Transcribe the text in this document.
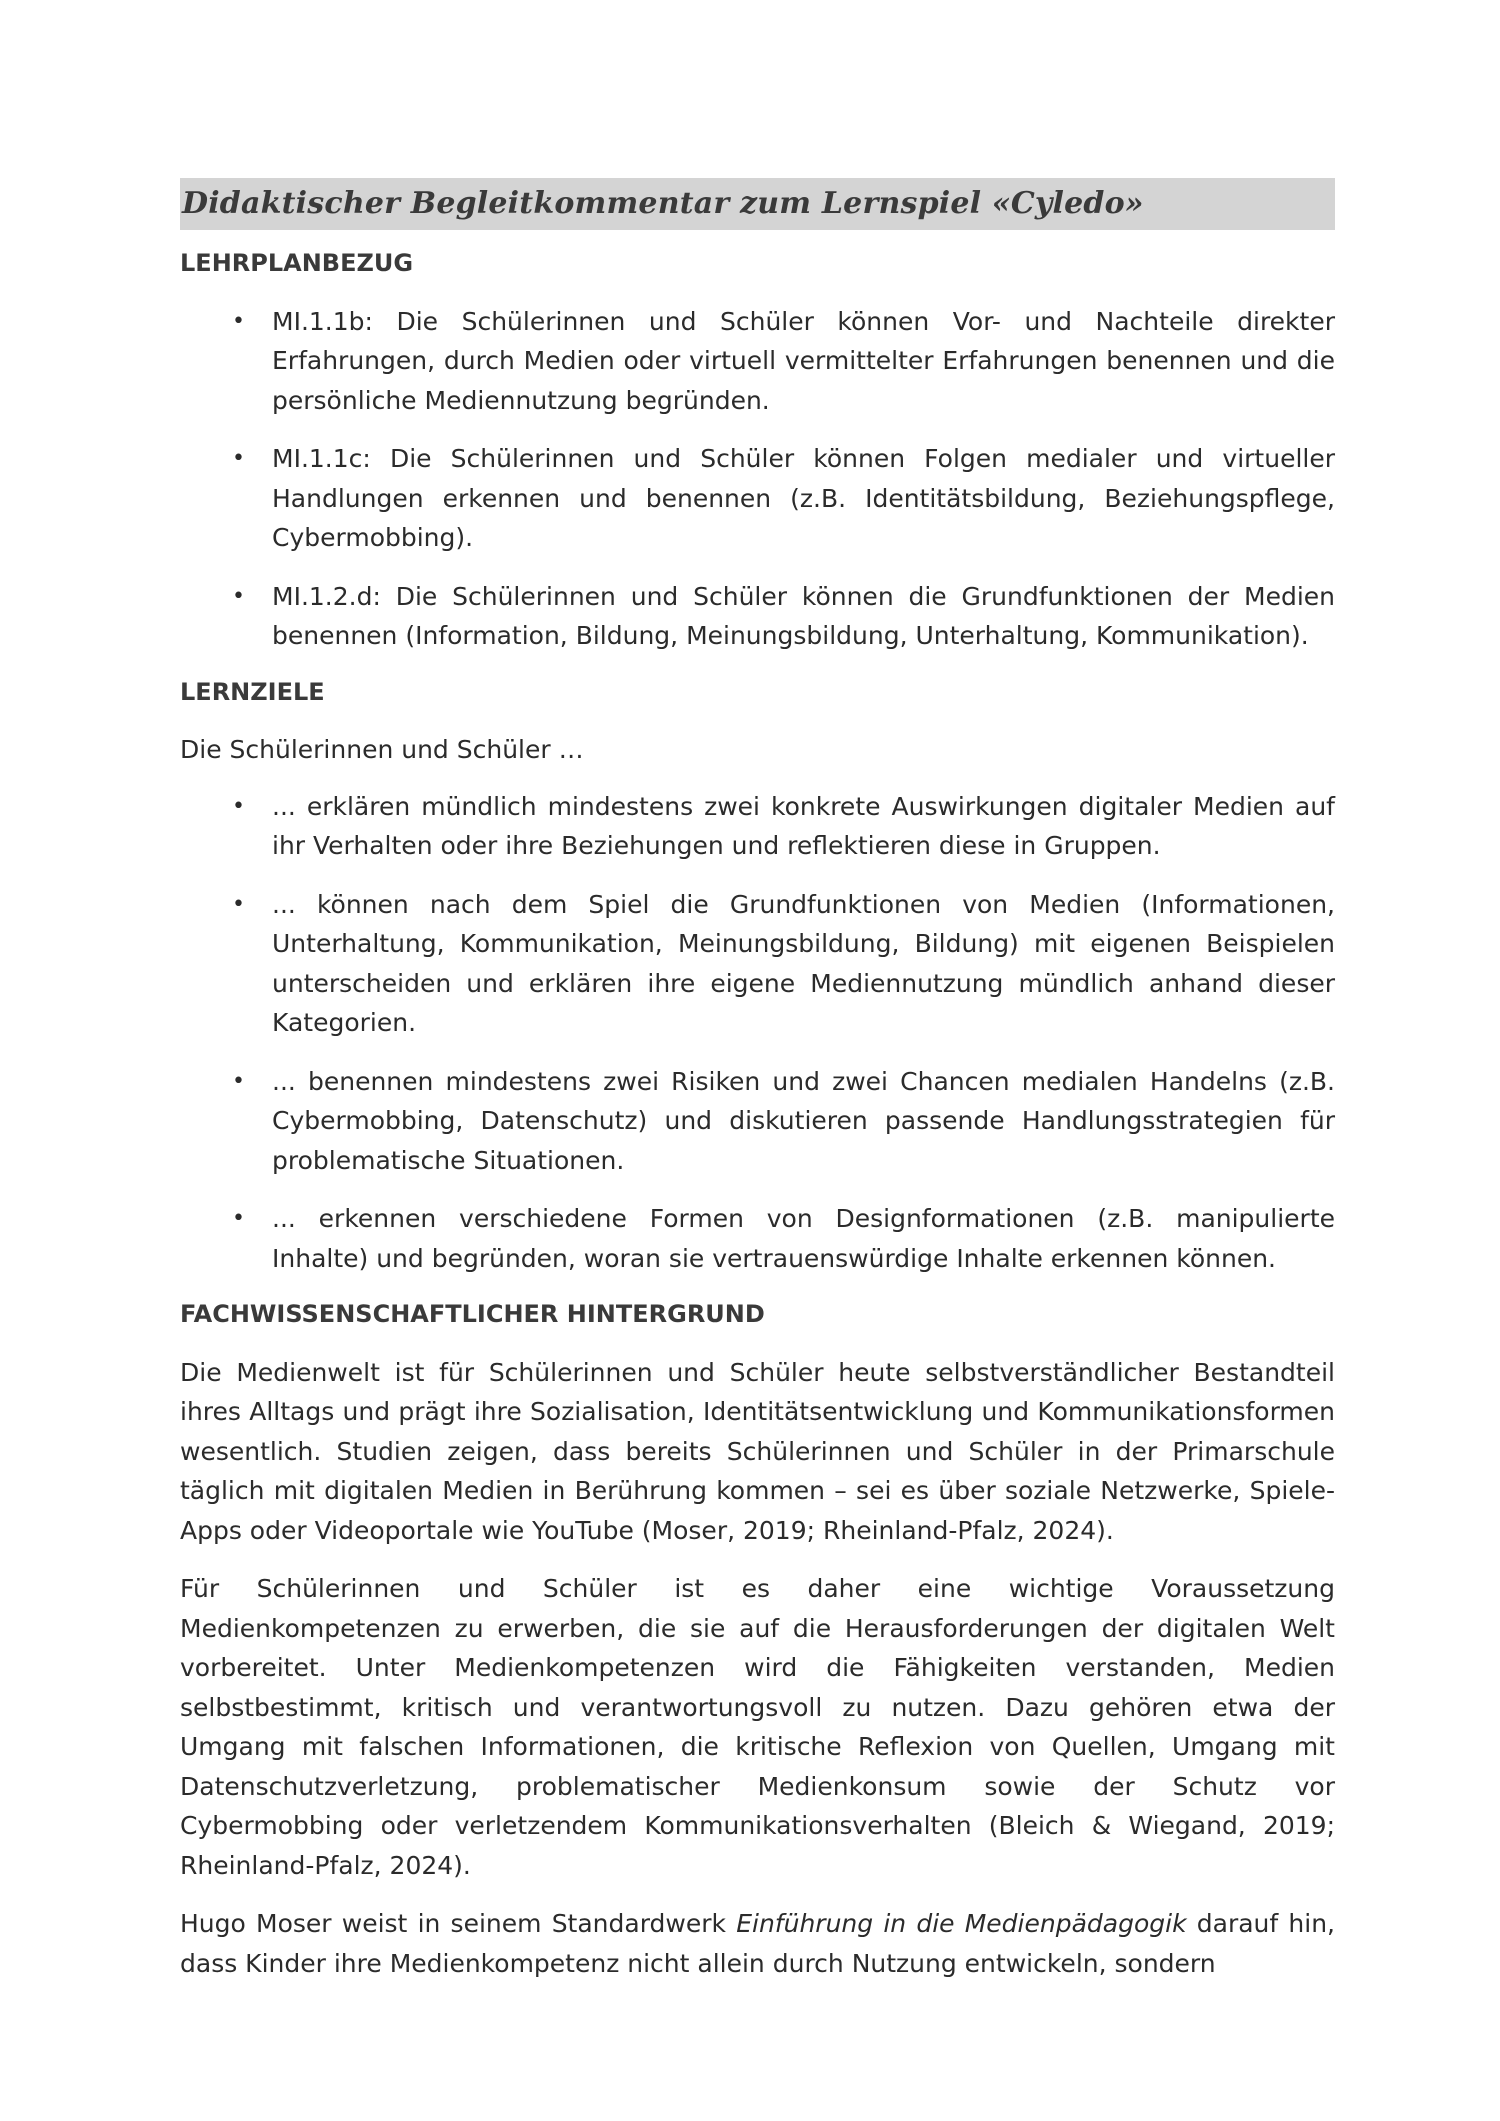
Didaktischer Begleitkommentar zum Lernspiel «Cyledo»
LEHRPLANBEZUG
• MI.1.1b: Die Schülerinnen und Schüler können Vor- und Nachteile direkter Erfahrungen, durch Medien oder virtuell vermittelter Erfahrungen benennen und die persönliche Mediennutzung begründen.
• MI.1.1c: Die Schülerinnen und Schüler können Folgen medialer und virtueller Handlungen erkennen und benennen (z.B. Identitätsbildung, Beziehungspflege, Cybermobbing).
• MI.1.2.d: Die Schülerinnen und Schüler können die Grundfunktionen der Medien benennen (Information, Bildung, Meinungsbildung, Unterhaltung, Kommunikation).
LERNZIELE

Die Schülerinnen und Schüler …

• ... erklären mündlich mindestens zwei konkrete Auswirkungen digitaler Medien auf ihr Verhalten oder ihre Beziehungen und reflektieren diese in Gruppen.
• ... können nach dem Spiel die Grundfunktionen von Medien (Informationen, Unterhaltung, Kommunikation, Meinungsbildung, Bildung) mit eigenen Beispielen unterscheiden und erklären ihre eigene Mediennutzung mündlich anhand dieser Kategorien.
• ... benennen mindestens zwei Risiken und zwei Chancen medialen Handelns (z.B. Cybermobbing, Datenschutz) und diskutieren passende Handlungsstrategien für problematische Situationen.
• ... erkennen verschiedene Formen von Designformationen (z.B. manipulierte Inhalte) und begründen, woran sie vertrauenswürdige Inhalte erkennen können.
FACHWISSENSCHAFTLICHER HINTERGRUND

Die Medienwelt ist für Schülerinnen und Schüler heute selbstverständlicher Bestandteil ihres Alltags und prägt ihre Sozialisation, Identitätsentwicklung und Kommunikationsformen wesentlich. Studien zeigen, dass bereits Schülerinnen und Schüler in der Primarschule täglich mit digitalen Medien in Berührung kommen – sei es über soziale Netzwerke, Spiele-Apps oder Videoportale wie YouTube (Moser, 2019; Rheinland-Pfalz, 2024).

Für Schülerinnen und Schüler ist es daher eine wichtige Voraussetzung Medienkompetenzen zu erwerben, die sie auf die Herausforderungen der digitalen Welt vorbereitet. Unter Medienkompetenzen wird die Fähigkeiten verstanden, Medien selbstbestimmt, kritisch und verantwortungsvoll zu nutzen. Dazu gehören etwa der Umgang mit falschen Informationen, die kritische Reflexion von Quellen, Umgang mit Datenschutzverletzung, problematischer Medienkonsum sowie der Schutz vor Cybermobbing oder verletzendem Kommunikationsverhalten (Bleich & Wiegand, 2019; Rheinland-Pfalz, 2024).

Hugo Moser weist in seinem Standardwerk Einführung in die Medienpädagogik darauf hin, dass Kinder ihre Medienkompetenz nicht allein durch Nutzung entwickeln, sondern
